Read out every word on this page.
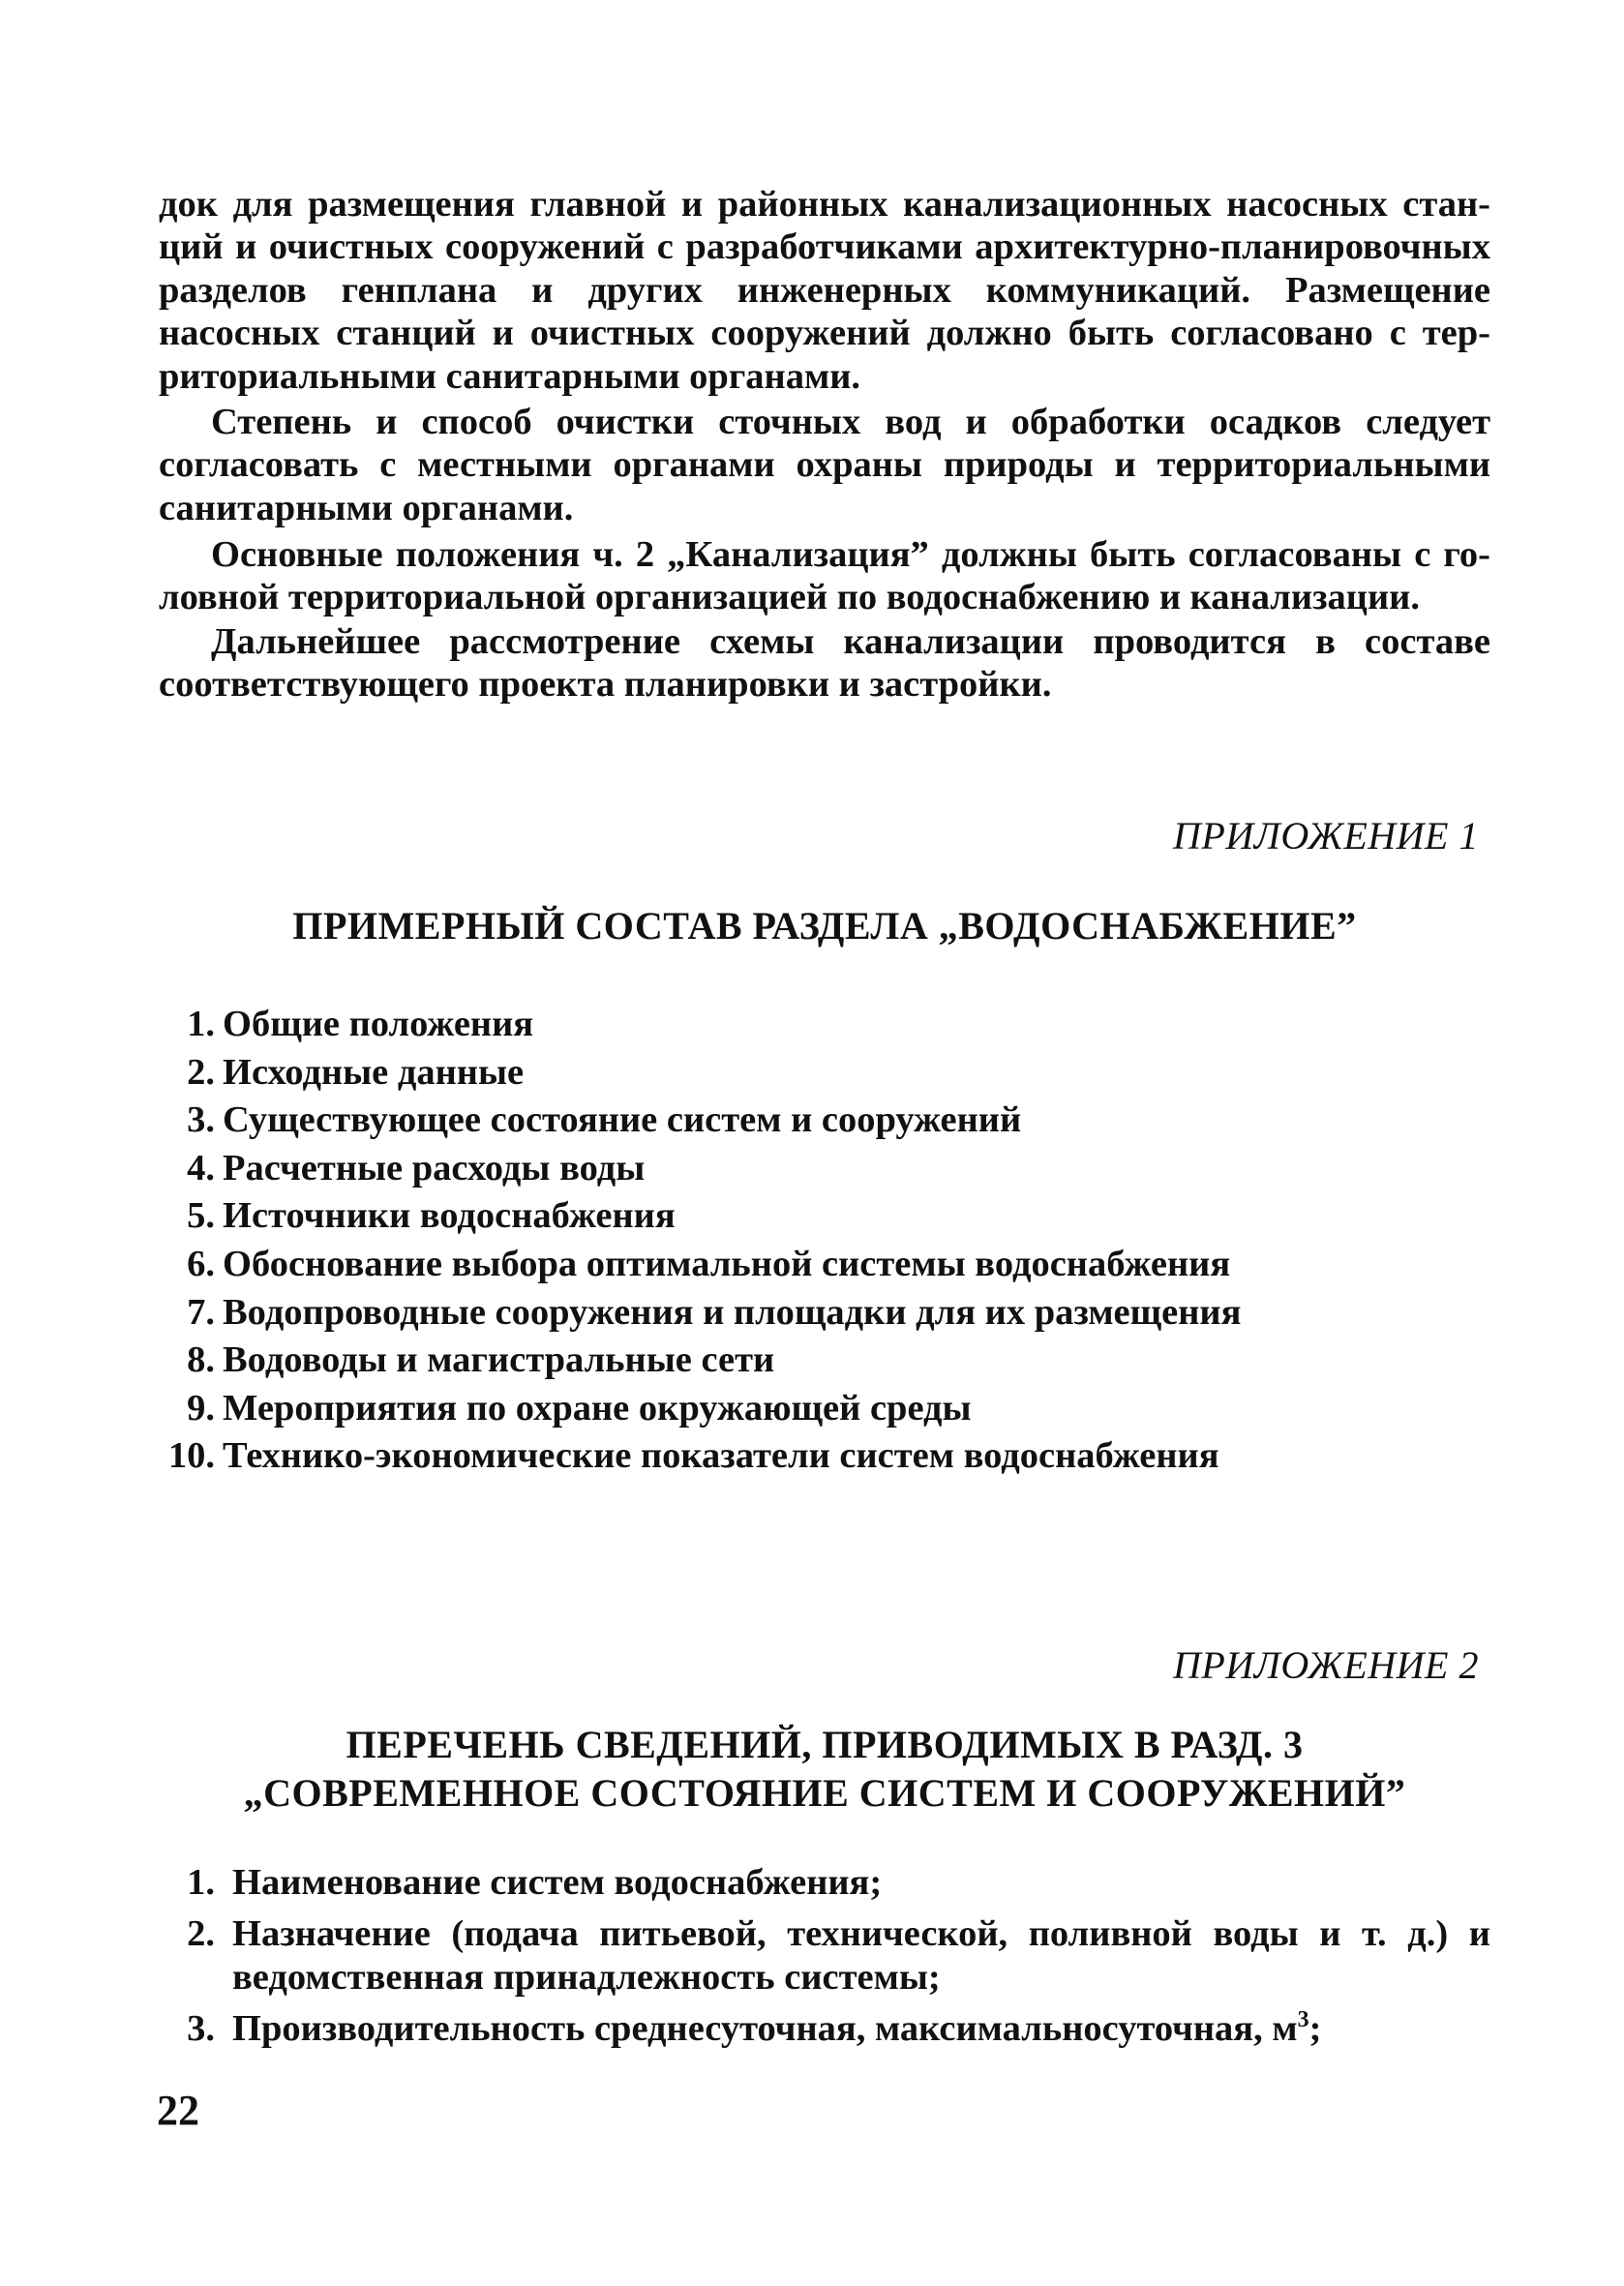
док для размещения главной и районных канализационных насосных станций и очистных сооружений с разработчиками архитектурно-планировочных разделов генплана и других инженерных коммуникаций. Размещение насосных станций и очистных сооружений должно быть согласовано с территориальными санитарными органами.

Степень и способ очистки сточных вод и обработки осадков следует согласовать с местными органами охраны природы и территориальными санитарными органами.

Основные положения ч. 2 „Канализация” должны быть согласованы с головной территориальной организацией по водоснабжению и канализации.

Дальнейшее рассмотрение схемы канализации проводится в составе соответствующего проекта планировки и застройки.

ПРИЛОЖЕНИЕ 1
ПРИМЕРНЫЙ СОСТАВ РАЗДЕЛА „ВОДОСНАБЖЕНИЕ”
1. Общие положения
2. Исходные данные
3. Существующее состояние систем и сооружений
4. Расчетные расходы воды
5. Источники водоснабжения
6. Обоснование выбора оптимальной системы водоснабжения
7. Водопроводные сооружения и площадки для их размещения
8. Водоводы и магистральные сети
9. Мероприятия по охране окружающей среды
10. Технико-экономические показатели систем водоснабжения
ПРИЛОЖЕНИЕ 2
ПЕРЕЧЕНЬ СВЕДЕНИЙ, ПРИВОДИМЫХ В РАЗД. 3
„СОВРЕМЕННОЕ СОСТОЯНИЕ СИСТЕМ И СООРУЖЕНИЙ”
1. Наименование систем водоснабжения;
2. Назначение (подача питьевой, технической, поливной воды и т. д.) и ведомственная принадлежность системы;
3. Производительность среднесуточная, максимальносуточная, $м^3$;
22
